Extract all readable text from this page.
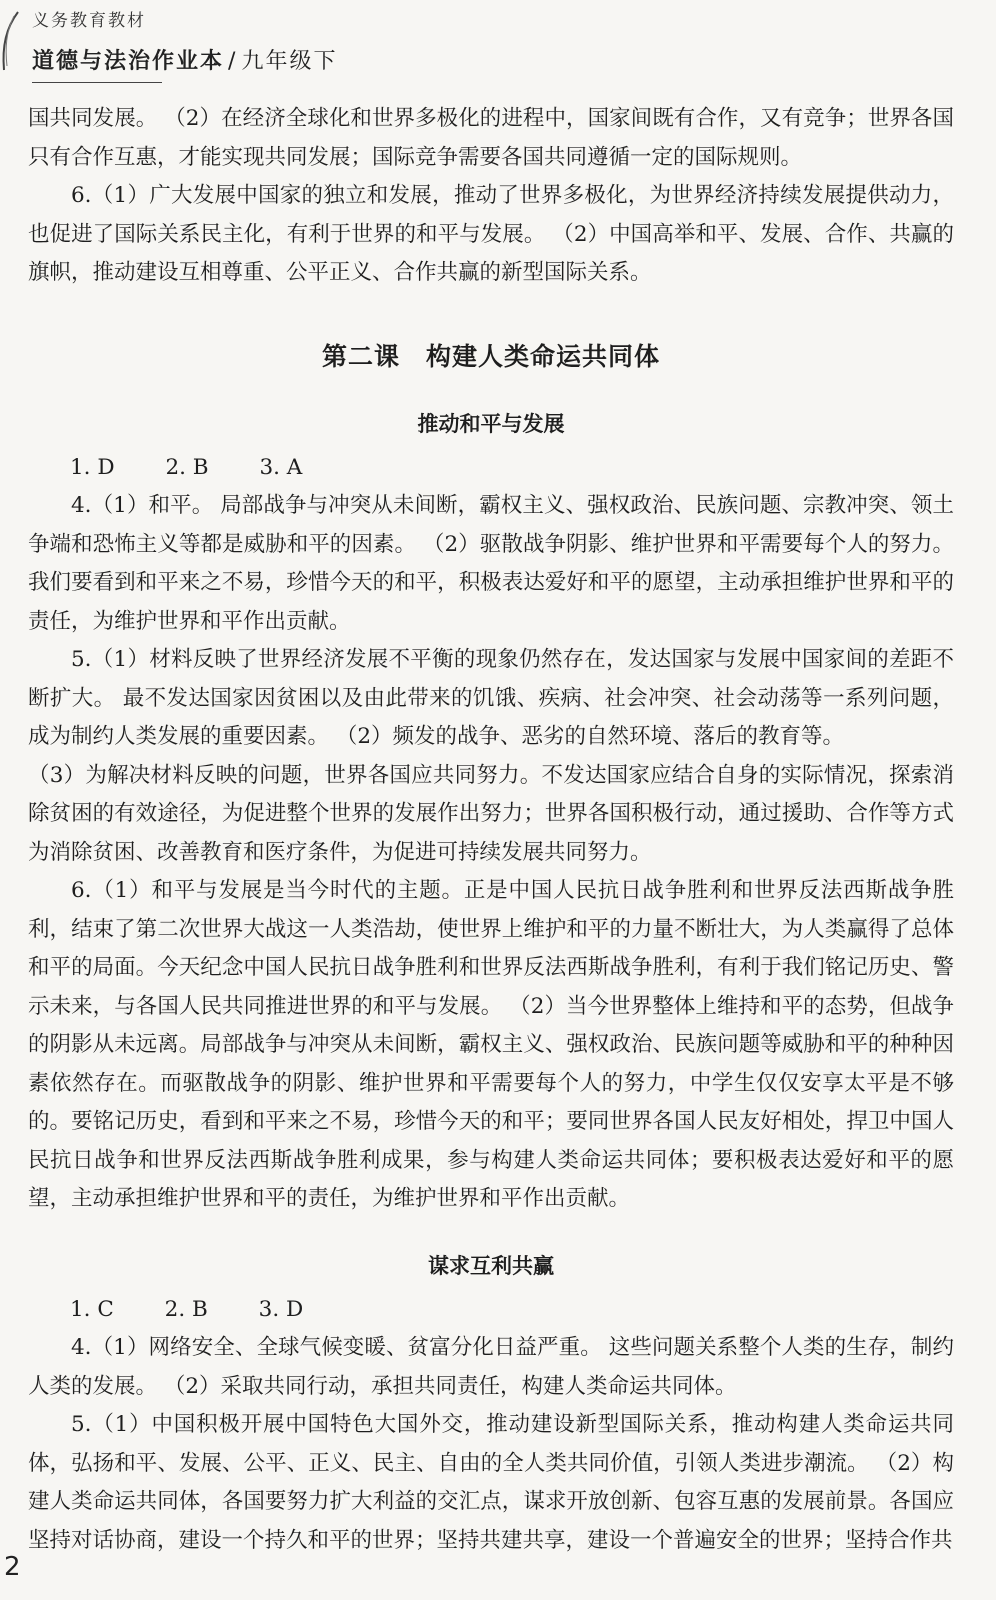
义务教育教材
道德与法治作业本 / 九年级下

国共同发展。 （2）在经济全球化和世界多极化的进程中，国家间既有合作，又有竞争；世界各国只有合作互惠，才能实现共同发展；国际竞争需要各国共同遵循一定的国际规则。

6.（1）广大发展中国家的独立和发展，推动了世界多极化，为世界经济持续发展提供动力，也促进了国际关系民主化，有利于世界的和平与发展。 （2）中国高举和平、发展、合作、共赢的旗帜，推动建设互相尊重、公平正义、合作共赢的新型国际关系。

第二课　构建人类命运共同体
推动和平与发展
1. D 2. B 3. A

4.（1）和平。 局部战争与冲突从未间断，霸权主义、强权政治、民族问题、宗教冲突、领土争端和恐怖主义等都是威胁和平的因素。 （2）驱散战争阴影、维护世界和平需要每个人的努力。我们要看到和平来之不易，珍惜今天的和平，积极表达爱好和平的愿望，主动承担维护世界和平的责任，为维护世界和平作出贡献。

5.（1）材料反映了世界经济发展不平衡的现象仍然存在，发达国家与发展中国家间的差距不断扩大。 最不发达国家因贫困以及由此带来的饥饿、疾病、社会冲突、社会动荡等一系列问题，成为制约人类发展的重要因素。 （2）频发的战争、恶劣的自然环境、落后的教育等。

（3）为解决材料反映的问题，世界各国应共同努力。不发达国家应结合自身的实际情况，探索消除贫困的有效途径，为促进整个世界的发展作出努力；世界各国积极行动，通过援助、合作等方式为消除贫困、改善教育和医疗条件，为促进可持续发展共同努力。

6.（1）和平与发展是当今时代的主题。正是中国人民抗日战争胜利和世界反法西斯战争胜利，结束了第二次世界大战这一人类浩劫，使世界上维护和平的力量不断壮大，为人类赢得了总体和平的局面。今天纪念中国人民抗日战争胜利和世界反法西斯战争胜利，有利于我们铭记历史、警示未来，与各国人民共同推进世界的和平与发展。 （2）当今世界整体上维持和平的态势，但战争的阴影从未远离。局部战争与冲突从未间断，霸权主义、强权政治、民族问题等威胁和平的种种因素依然存在。而驱散战争的阴影、维护世界和平需要每个人的努力，中学生仅仅安享太平是不够的。要铭记历史，看到和平来之不易，珍惜今天的和平；要同世界各国人民友好相处，捍卫中国人民抗日战争和世界反法西斯战争胜利成果，参与构建人类命运共同体；要积极表达爱好和平的愿望，主动承担维护世界和平的责任，为维护世界和平作出贡献。

谋求互利共赢
1. C 2. B 3. D

4.（1）网络安全、全球气候变暖、贫富分化日益严重。 这些问题关系整个人类的生存，制约人类的发展。 （2）采取共同行动，承担共同责任，构建人类命运共同体。

5.（1）中国积极开展中国特色大国外交，推动建设新型国际关系，推动构建人类命运共同体，弘扬和平、发展、公平、正义、民主、自由的全人类共同价值，引领人类进步潮流。 （2）构建人类命运共同体，各国要努力扩大利益的交汇点，谋求开放创新、包容互惠的发展前景。各国应坚持对话协商，建设一个持久和平的世界；坚持共建共享，建设一个普遍安全的世界；坚持合作共

2
